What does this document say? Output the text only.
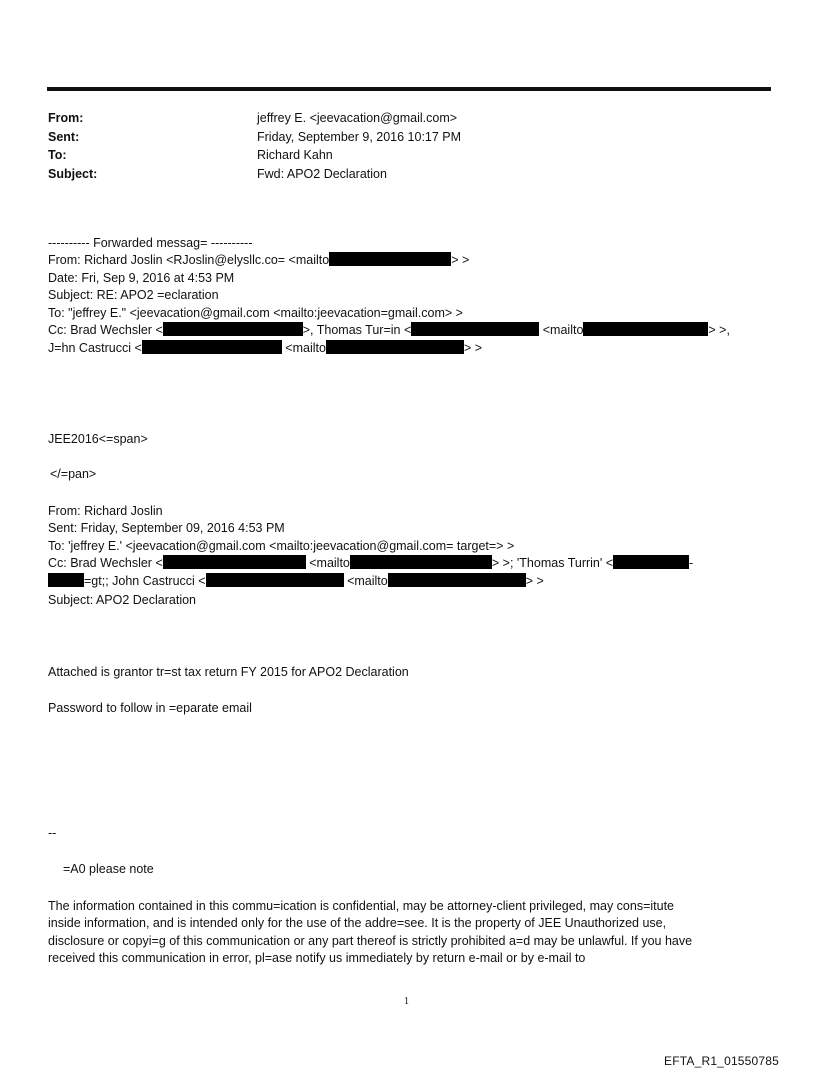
From:	jeffrey E. <jeevacation@gmail.com>
Sent:	Friday, September 9, 2016 10:17 PM
To:	Richard Kahn
Subject:	Fwd: APO2 Declaration
---------- Forwarded messag= ----------
From: Richard Joslin <RJoslin@elysllc.co= <mailto	> >
Date: Fri, Sep 9, 2016 at 4:53 PM
Subject: RE: APO2 =eclaration
To: "jeffrey E." <jeevacation@gmail.com <mailto:jeevacation=gmail.com> >
Cc: Brad Wechsler <	>, Thomas Tur=in <	<mailto	> >,
J=hn Castrucci <	<mailto	> >
JEE2016<=span>
</=pan>
From: Richard Joslin
Sent: Friday, September 09, 2016 4:53 PM
To: 'jeffrey E.' <jeevacation@gmail.com <mailto:jeevacation@gmail.com= target=> >
Cc: Brad Wechsler <	<mailto	> >; 'Thomas Turrin' <	-
=gt;; John Castrucci <	<mailto	> >
Subject: APO2 Declaration
Attached is grantor tr=st tax return FY 2015 for APO2 Declaration
Password to follow in =eparate email
--
=A0 please note
The information contained in this commu=ication is confidential, may be attorney-client privileged, may cons=itute
inside information, and is intended only for the use of the addre=see. It is the property of JEE Unauthorized use,
disclosure or copyi=g of this communication or any part thereof is strictly prohibited a=d may be unlawful. If you have
received this communication in error, pl=ase notify us immediately by return e-mail or by e-mail to
1
EFTA_R1_01550785
